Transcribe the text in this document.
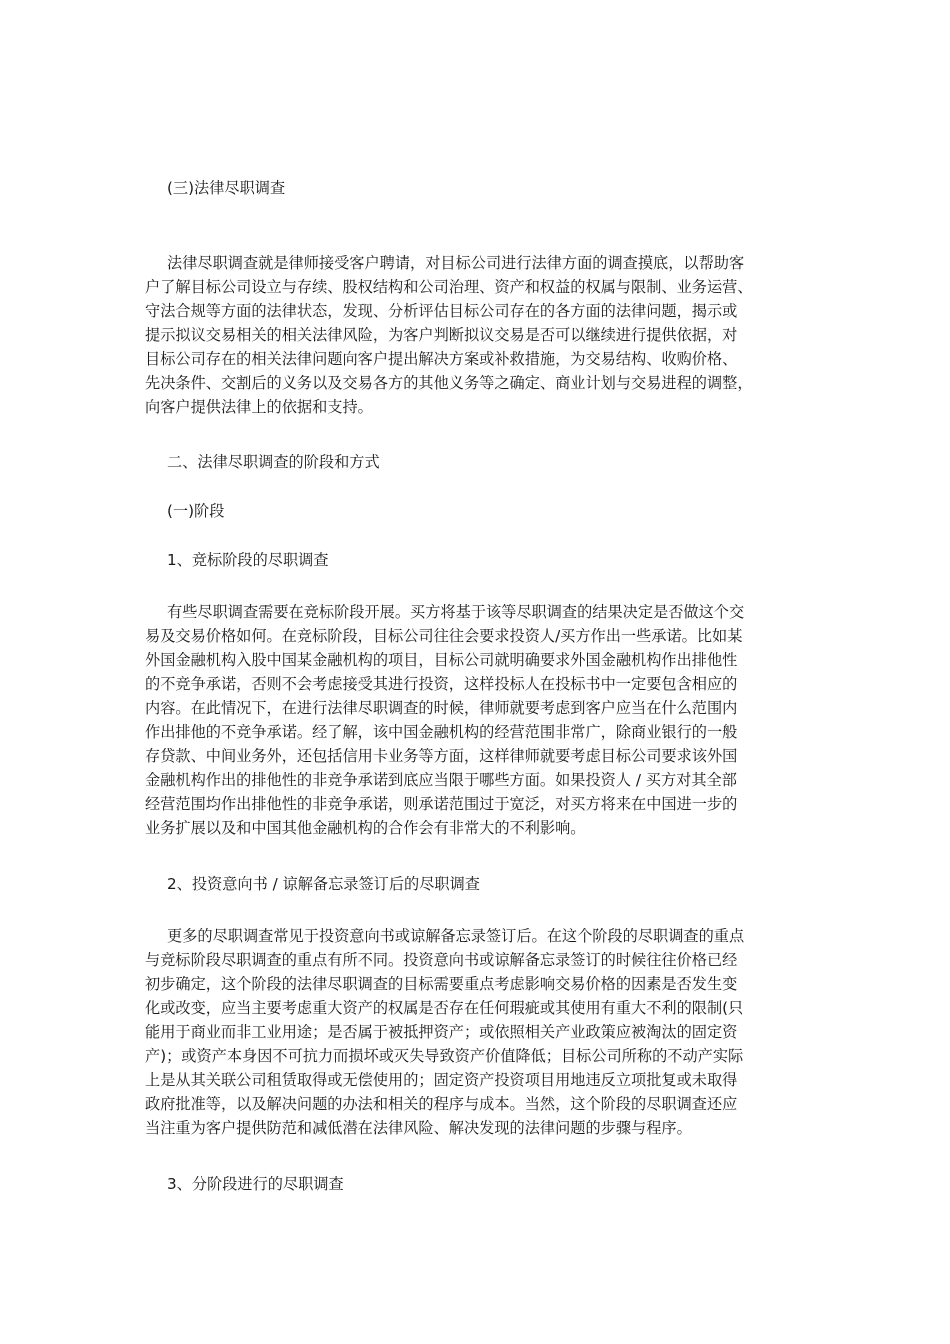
(三)法律尽职调查
法律尽职调查就是律师接受客户聘请，对目标公司进行法律方面的调查摸底，以帮助客
户了解目标公司设立与存续、股权结构和公司治理、资产和权益的权属与限制、业务运营、
守法合规等方面的法律状态，发现、分析评估目标公司存在的各方面的法律问题，揭示或
提示拟议交易相关的相关法律风险，为客户判断拟议交易是否可以继续进行提供依据，对
目标公司存在的相关法律问题向客户提出解决方案或补救措施，为交易结构、收购价格、
先决条件、交割后的义务以及交易各方的其他义务等之确定、商业计划与交易进程的调整，
向客户提供法律上的依据和支持。
二、法律尽职调查的阶段和方式
(一)阶段
1、竞标阶段的尽职调查
有些尽职调查需要在竞标阶段开展。买方将基于该等尽职调查的结果决定是否做这个交
易及交易价格如何。在竞标阶段，目标公司往往会要求投资人/买方作出一些承诺。比如某
外国金融机构入股中国某金融机构的项目，目标公司就明确要求外国金融机构作出排他性
的不竞争承诺，否则不会考虑接受其进行投资，这样投标人在投标书中一定要包含相应的
内容。在此情况下，在进行法律尽职调查的时候，律师就要考虑到客户应当在什么范围内
作出排他的不竞争承诺。经了解，该中国金融机构的经营范围非常广，除商业银行的一般
存贷款、中间业务外，还包括信用卡业务等方面，这样律师就要考虑目标公司要求该外国
金融机构作出的排他性的非竞争承诺到底应当限于哪些方面。如果投资人 / 买方对其全部
经营范围均作出排他性的非竞争承诺，则承诺范围过于宽泛，对买方将来在中国进一步的
业务扩展以及和中国其他金融机构的合作会有非常大的不利影响。
2、投资意向书 / 谅解备忘录签订后的尽职调查
更多的尽职调查常见于投资意向书或谅解备忘录签订后。在这个阶段的尽职调查的重点
与竞标阶段尽职调查的重点有所不同。投资意向书或谅解备忘录签订的时候往往价格已经
初步确定，这个阶段的法律尽职调查的目标需要重点考虑影响交易价格的因素是否发生变
化或改变，应当主要考虑重大资产的权属是否存在任何瑕疵或其使用有重大不利的限制(只
能用于商业而非工业用途；是否属于被抵押资产；或依照相关产业政策应被淘汰的固定资
产)；或资产本身因不可抗力而损坏或灭失导致资产价值降低；目标公司所称的不动产实际
上是从其关联公司租赁取得或无偿使用的；固定资产投资项目用地违反立项批复或未取得
政府批准等，以及解决问题的办法和相关的程序与成本。当然，这个阶段的尽职调查还应
当注重为客户提供防范和减低潜在法律风险、解决发现的法律问题的步骤与程序。
3、分阶段进行的尽职调查
